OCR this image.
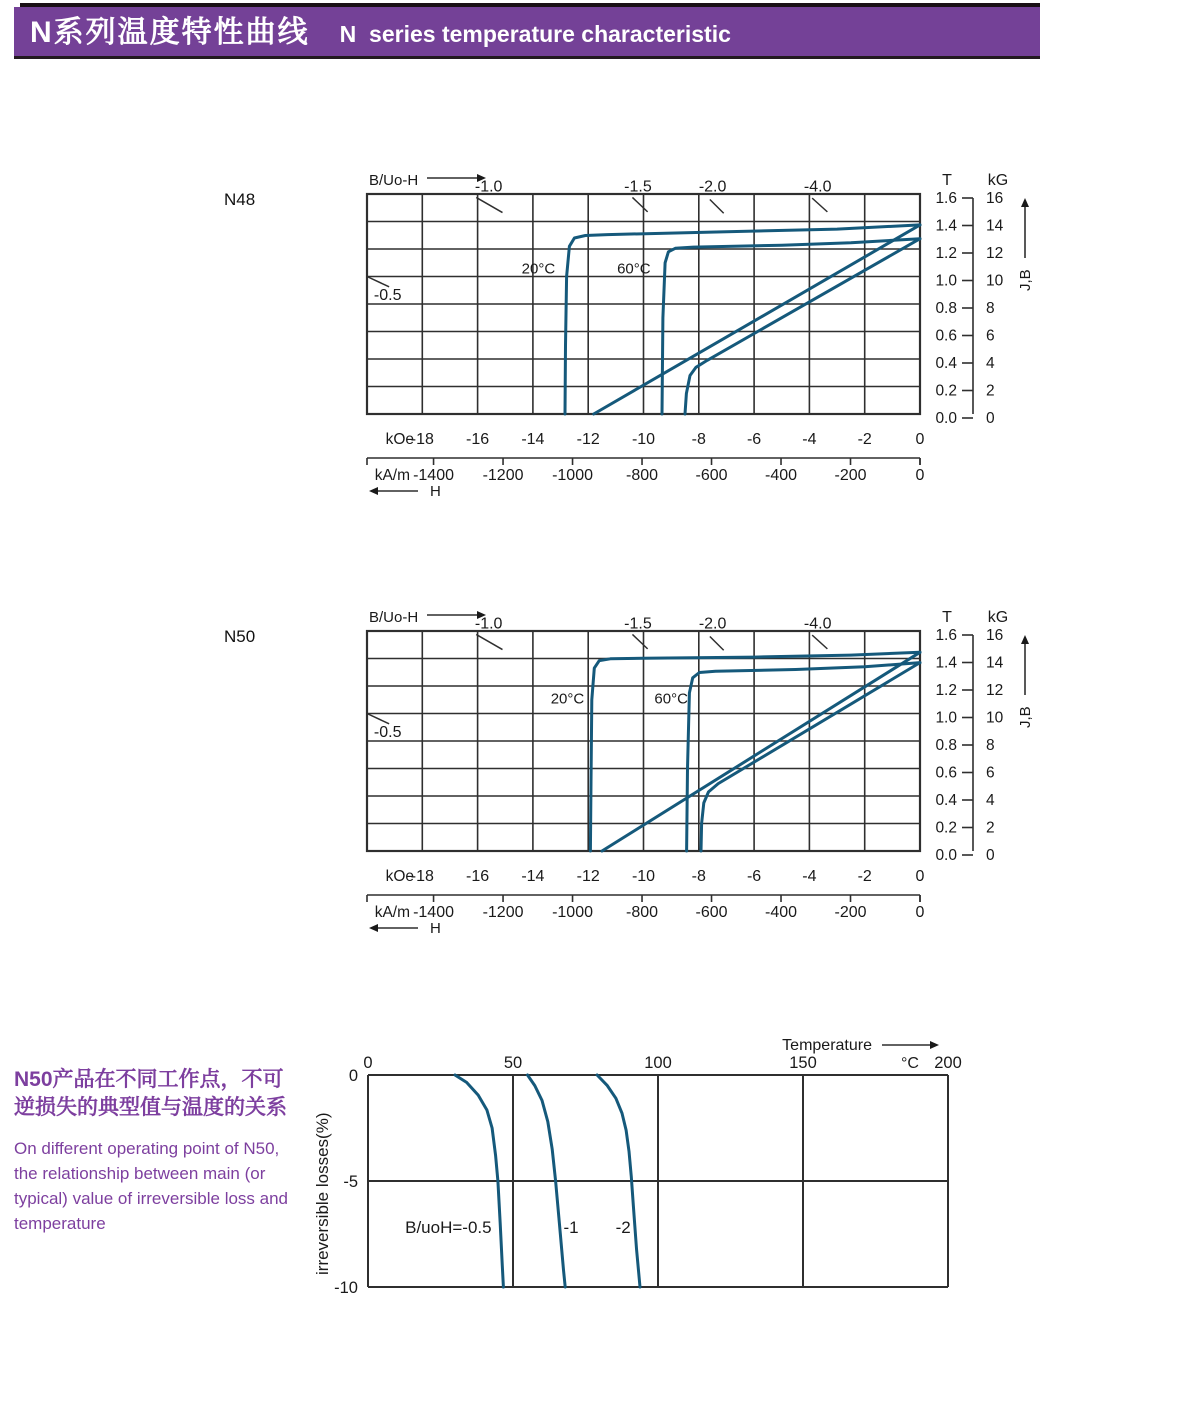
N系列温度特性曲线 N  series temperature characteristic
N48
N50
B/Uo-H	-1.0	-1.5	-2.0	-4.0
-0.5
20°C	60°C
kOe
-18 -16 -14 -12 -10 -8	-6	-4	-2	0
-1400 -1200 -1000 -800 -600 -400 -200	0
kA/m
H
T kG
1.6 16
1.4 14
1.2 12
1.0 10
0.8 8
0.6 6
0.4 4
0.2 2
0.0 0
J,B
B/Uo-H	-1.0	-1.5	-2.0	-4.0
-0.5
20°C	60°C
kOe
-18 -16 -14 -12 -10 -8	-6	-4	-2	0
-1400 -1200 -1000 -800 -600 -400 -200	0
kA/m
H
T kG
1.6 16
1.4 14
1.2 12
1.0 10
0.8 8
0.6 6
0.4 4
0.2 2
0.0 0
J,B
N50产品在不同工作点，不可
逆损失的典型值与温度的关系
On different operating point of N50,
the relationship between main (or
typical) value of irreversible loss and
temperature
0	50	100	150	200
°C
Temperature
0
-5
-10
irreversible losses(%)	B/uoH=-0.5	-1 -2
